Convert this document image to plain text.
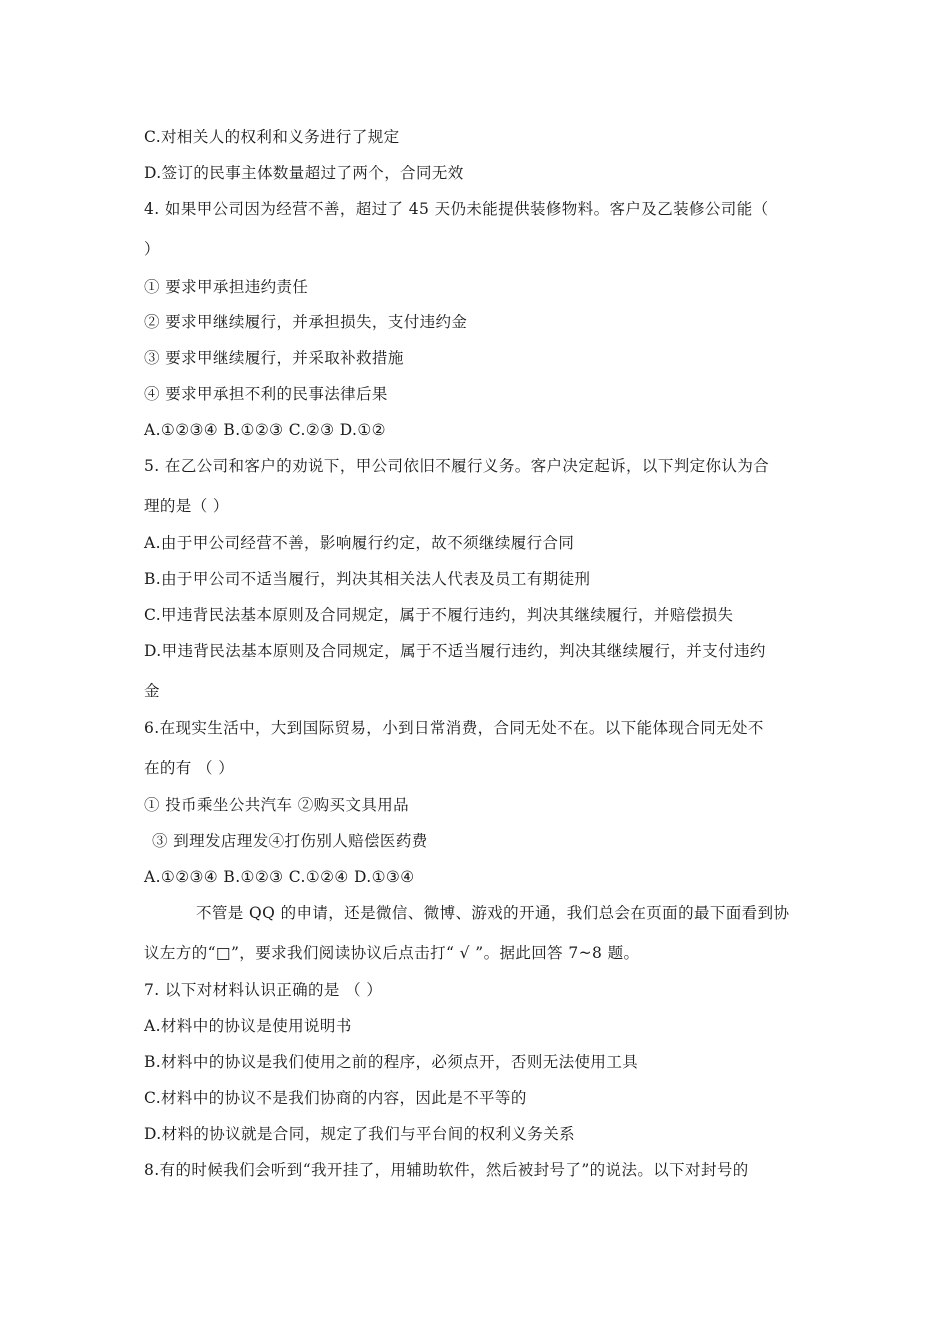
C.对相关人的权利和义务进行了规定
D.签订的民事主体数量超过了两个，合同无效
4. 如果甲公司因为经营不善，超过了 45 天仍未能提供装修物料。客户及乙装修公司能（
）
① 要求甲承担违约责任
② 要求甲继续履行，并承担损失，支付违约金
③ 要求甲继续履行，并采取补救措施
④ 要求甲承担不利的民事法律后果
A.①②③④ B.①②③ C.②③ D.①②
5. 在乙公司和客户的劝说下，甲公司依旧不履行义务。客户决定起诉，以下判定你认为合
理的是（ ）
A.由于甲公司经营不善，影响履行约定，故不须继续履行合同
B.由于甲公司不适当履行，判决其相关法人代表及员工有期徒刑
C.甲违背民法基本原则及合同规定，属于不履行违约，判决其继续履行，并赔偿损失
D.甲违背民法基本原则及合同规定，属于不适当履行违约，判决其继续履行，并支付违约
金
6.在现实生活中，大到国际贸易，小到日常消费，合同无处不在。以下能体现合同无处不
在的有 （ ）
① 投币乘坐公共汽车 ②购买文具用品
③ 到理发店理发④打伤别人赔偿医药费
A.①②③④ B.①②③ C.①②④ D.①③④
不管是 QQ 的申请，还是微信、微博、游戏的开通，我们总会在页面的最下面看到协
议左方的“□”，要求我们阅读协议后点击打“ √ ”。据此回答 7~8 题。
7. 以下对材料认识正确的是 （ ）
A.材料中的协议是使用说明书
B.材料中的协议是我们使用之前的程序，必须点开，否则无法使用工具
C.材料中的协议不是我们协商的内容，因此是不平等的
D.材料的协议就是合同，规定了我们与平台间的权利义务关系
8.有的时候我们会听到“我开挂了，用辅助软件，然后被封号了”的说法。以下对封号的
